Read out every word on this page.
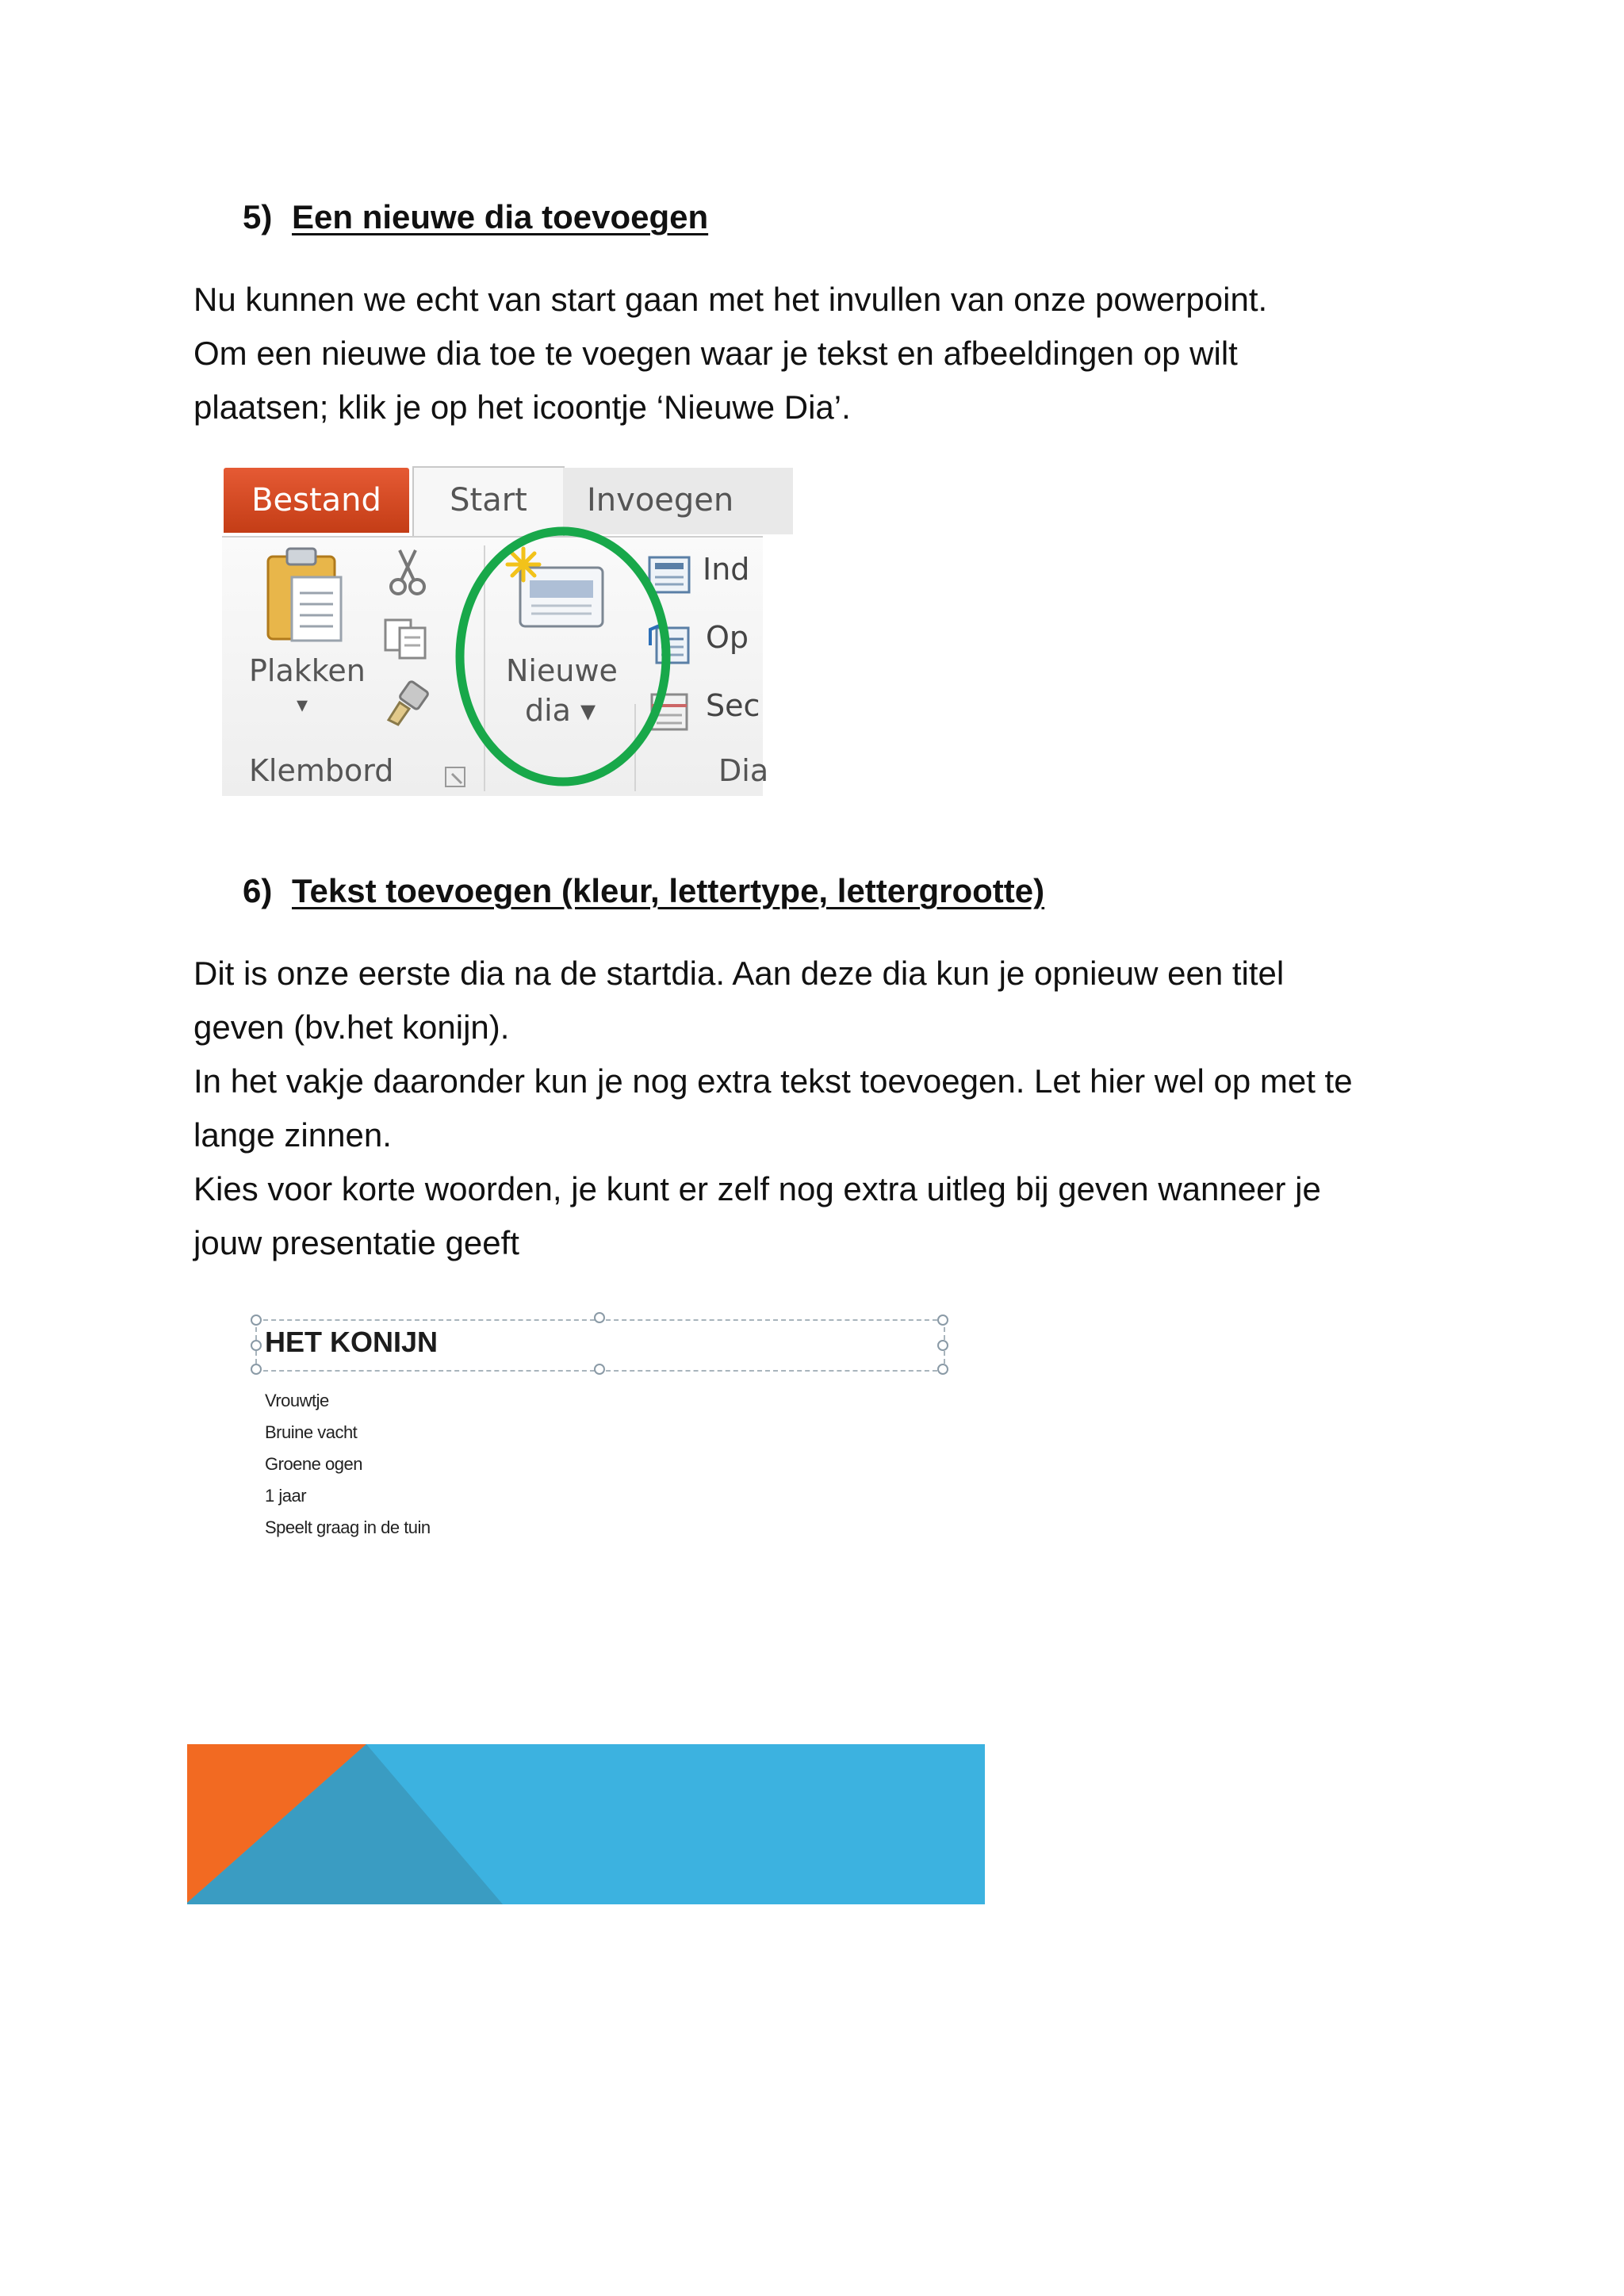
5) Een nieuwe dia toevoegen
Nu kunnen we echt van start gaan met het invullen van onze powerpoint.
Om een nieuwe dia toe te voegen waar je tekst en afbeeldingen op wilt
plaatsen; klik je op het icoontje ‘Nieuwe Dia’.
Bestand	Start	Invoegen
Plakken
▾
Klembord
Nieuwe
dia ▾
Ind
Op
Sec
Dia
6) Tekst toevoegen (kleur, lettertype, lettergrootte)
Dit is onze eerste dia na de startdia. Aan deze dia kun je opnieuw een titel
geven (bv.het konijn).
In het vakje daaronder kun je nog extra tekst toevoegen. Let hier wel op met te
lange zinnen.
Kies voor korte woorden, je kunt er zelf nog extra uitleg bij geven wanneer je
jouw presentatie geeft
HET KONIJN
Vrouwtje
Bruine vacht
Groene ogen
1 jaar
Speelt graag in de tuin
